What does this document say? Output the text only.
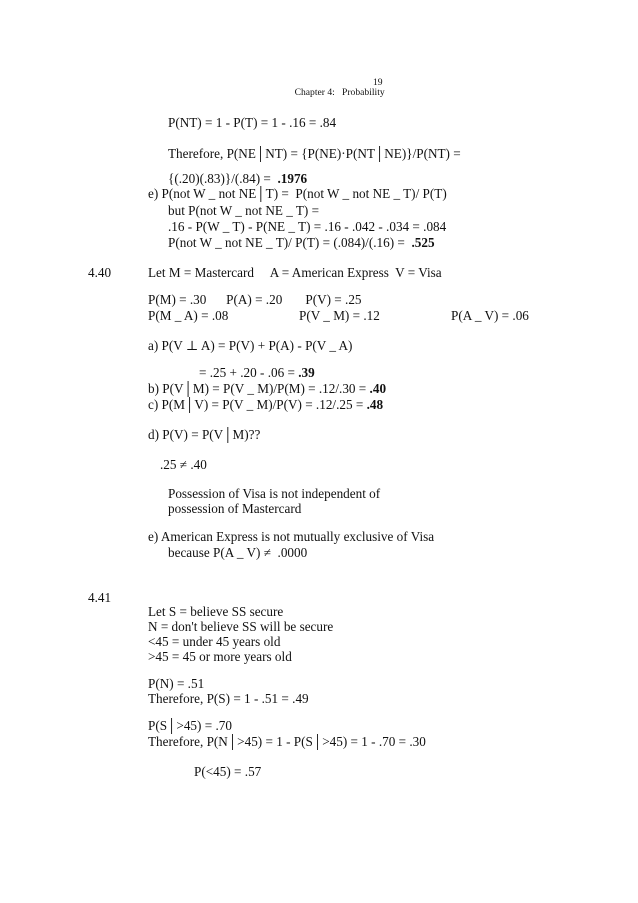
Chapter 4:   Probability

19
P(NT) = 1 - P(T) = 1 - .16 = .84
Therefore, P(NE│NT) = {P(NE)·P(NT│NE)}/P(NT) =
{(.20)(.83)}/(.84) =  .1976
e) P(not W _ not NE│T) =  P(not W _ not NE _ T)/ P(T)
but P(not W _ not NE _ T) =
.16 - P(W _ T) - P(NE _ T) = .16 - .042 - .034 = .084
P(not W _ not NE _ T)/ P(T) = (.084)/(.16) =  .525
4.40	Let M = Mastercard     A = American Express  V = Visa
P(M) = .30      P(A) = .20       P(V) = .25
P(M _ A) = .08	P(V _ M) = .12	P(A _ V) = .06
a) P(V ⊥ A) = P(V) + P(A) - P(V _ A)
= .25 + .20 - .06 = .39
b) P(V│M) = P(V _ M)/P(M) = .12/.30 = .40
c) P(M│V) = P(V _ M)/P(V) = .12/.25 = .48
d) P(V) = P(V│M)??
.25 ≠ .40
Possession of Visa is not independent of
possession of Mastercard
e) American Express is not mutually exclusive of Visa
because P(A _ V) ≠  .0000
4.41
Let S = believe SS secure
N = don't believe SS will be secure
<45 = under 45 years old
>45 = 45 or more years old
P(N) = .51
Therefore, P(S) = 1 - .51 = .49
P(S│>45) = .70
Therefore, P(N│>45) = 1 - P(S│>45) = 1 - .70 = .30
P(<45) = .57
